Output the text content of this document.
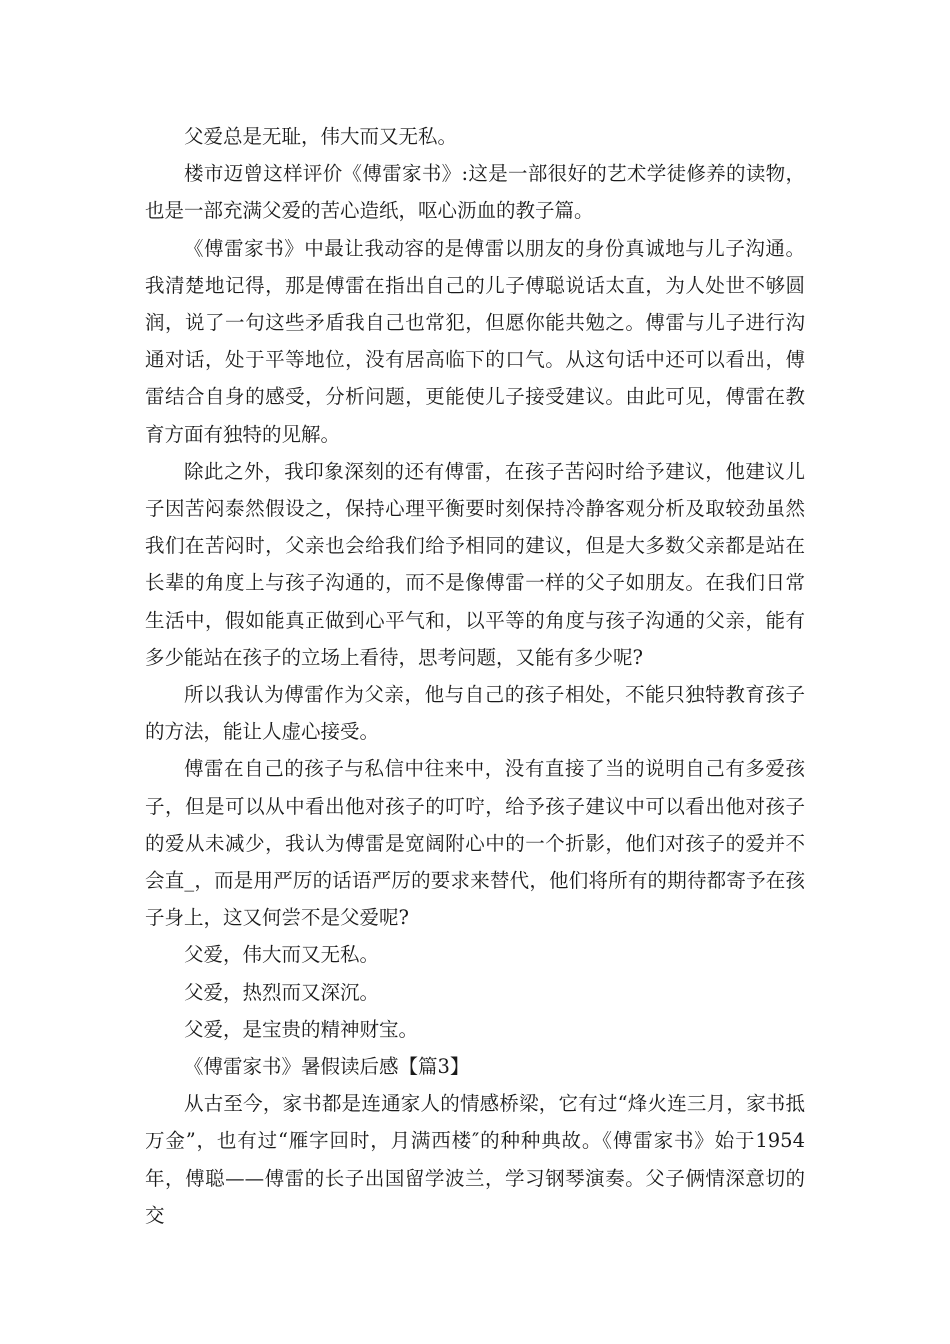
父爱总是无耻，伟大而又无私。

楼市迈曾这样评价《傅雷家书》:这是一部很好的艺术学徒修养的读物，也是一部充满父爱的苦心造纸，呕心沥血的教子篇。

《傅雷家书》中最让我动容的是傅雷以朋友的身份真诚地与儿子沟通。我清楚地记得，那是傅雷在指出自己的儿子傅聪说话太直，为人处世不够圆润，说了一句这些矛盾我自己也常犯，但愿你能共勉之。傅雷与儿子进行沟通对话，处于平等地位，没有居高临下的口气。从这句话中还可以看出，傅雷结合自身的感受，分析问题，更能使儿子接受建议。由此可见，傅雷在教育方面有独特的见解。

除此之外，我印象深刻的还有傅雷，在孩子苦闷时给予建议，他建议儿子因苦闷泰然假设之，保持心理平衡要时刻保持冷静客观分析及取较劲虽然我们在苦闷时，父亲也会给我们给予相同的建议，但是大多数父亲都是站在长辈的角度上与孩子沟通的，而不是像傅雷一样的父子如朋友。在我们日常生活中，假如能真正做到心平气和，以平等的角度与孩子沟通的父亲，能有多少能站在孩子的立场上看待，思考问题，又能有多少呢?

所以我认为傅雷作为父亲，他与自己的孩子相处，不能只独特教育孩子的方法，能让人虚心接受。

傅雷在自己的孩子与私信中往来中，没有直接了当的说明自己有多爱孩子，但是可以从中看出他对孩子的叮咛，给予孩子建议中可以看出他对孩子的爱从未减少，我认为傅雷是宽阔附心中的一个折影，他们对孩子的爱并不会直_，而是用严厉的话语严厉的要求来替代，他们将所有的期待都寄予在孩子身上，这又何尝不是父爱呢?

父爱，伟大而又无私。

父爱，热烈而又深沉。

父爱，是宝贵的精神财宝。

《傅雷家书》暑假读后感【篇3】

从古至今，家书都是连通家人的情感桥梁，它有过“烽火连三月，家书抵万金”，也有过“雁字回时，月满西楼″的种种典故。《傅雷家书》始于1954年，傅聪——傅雷的长子出国留学波兰，学习钢琴演奏。父子俩情深意切的交
